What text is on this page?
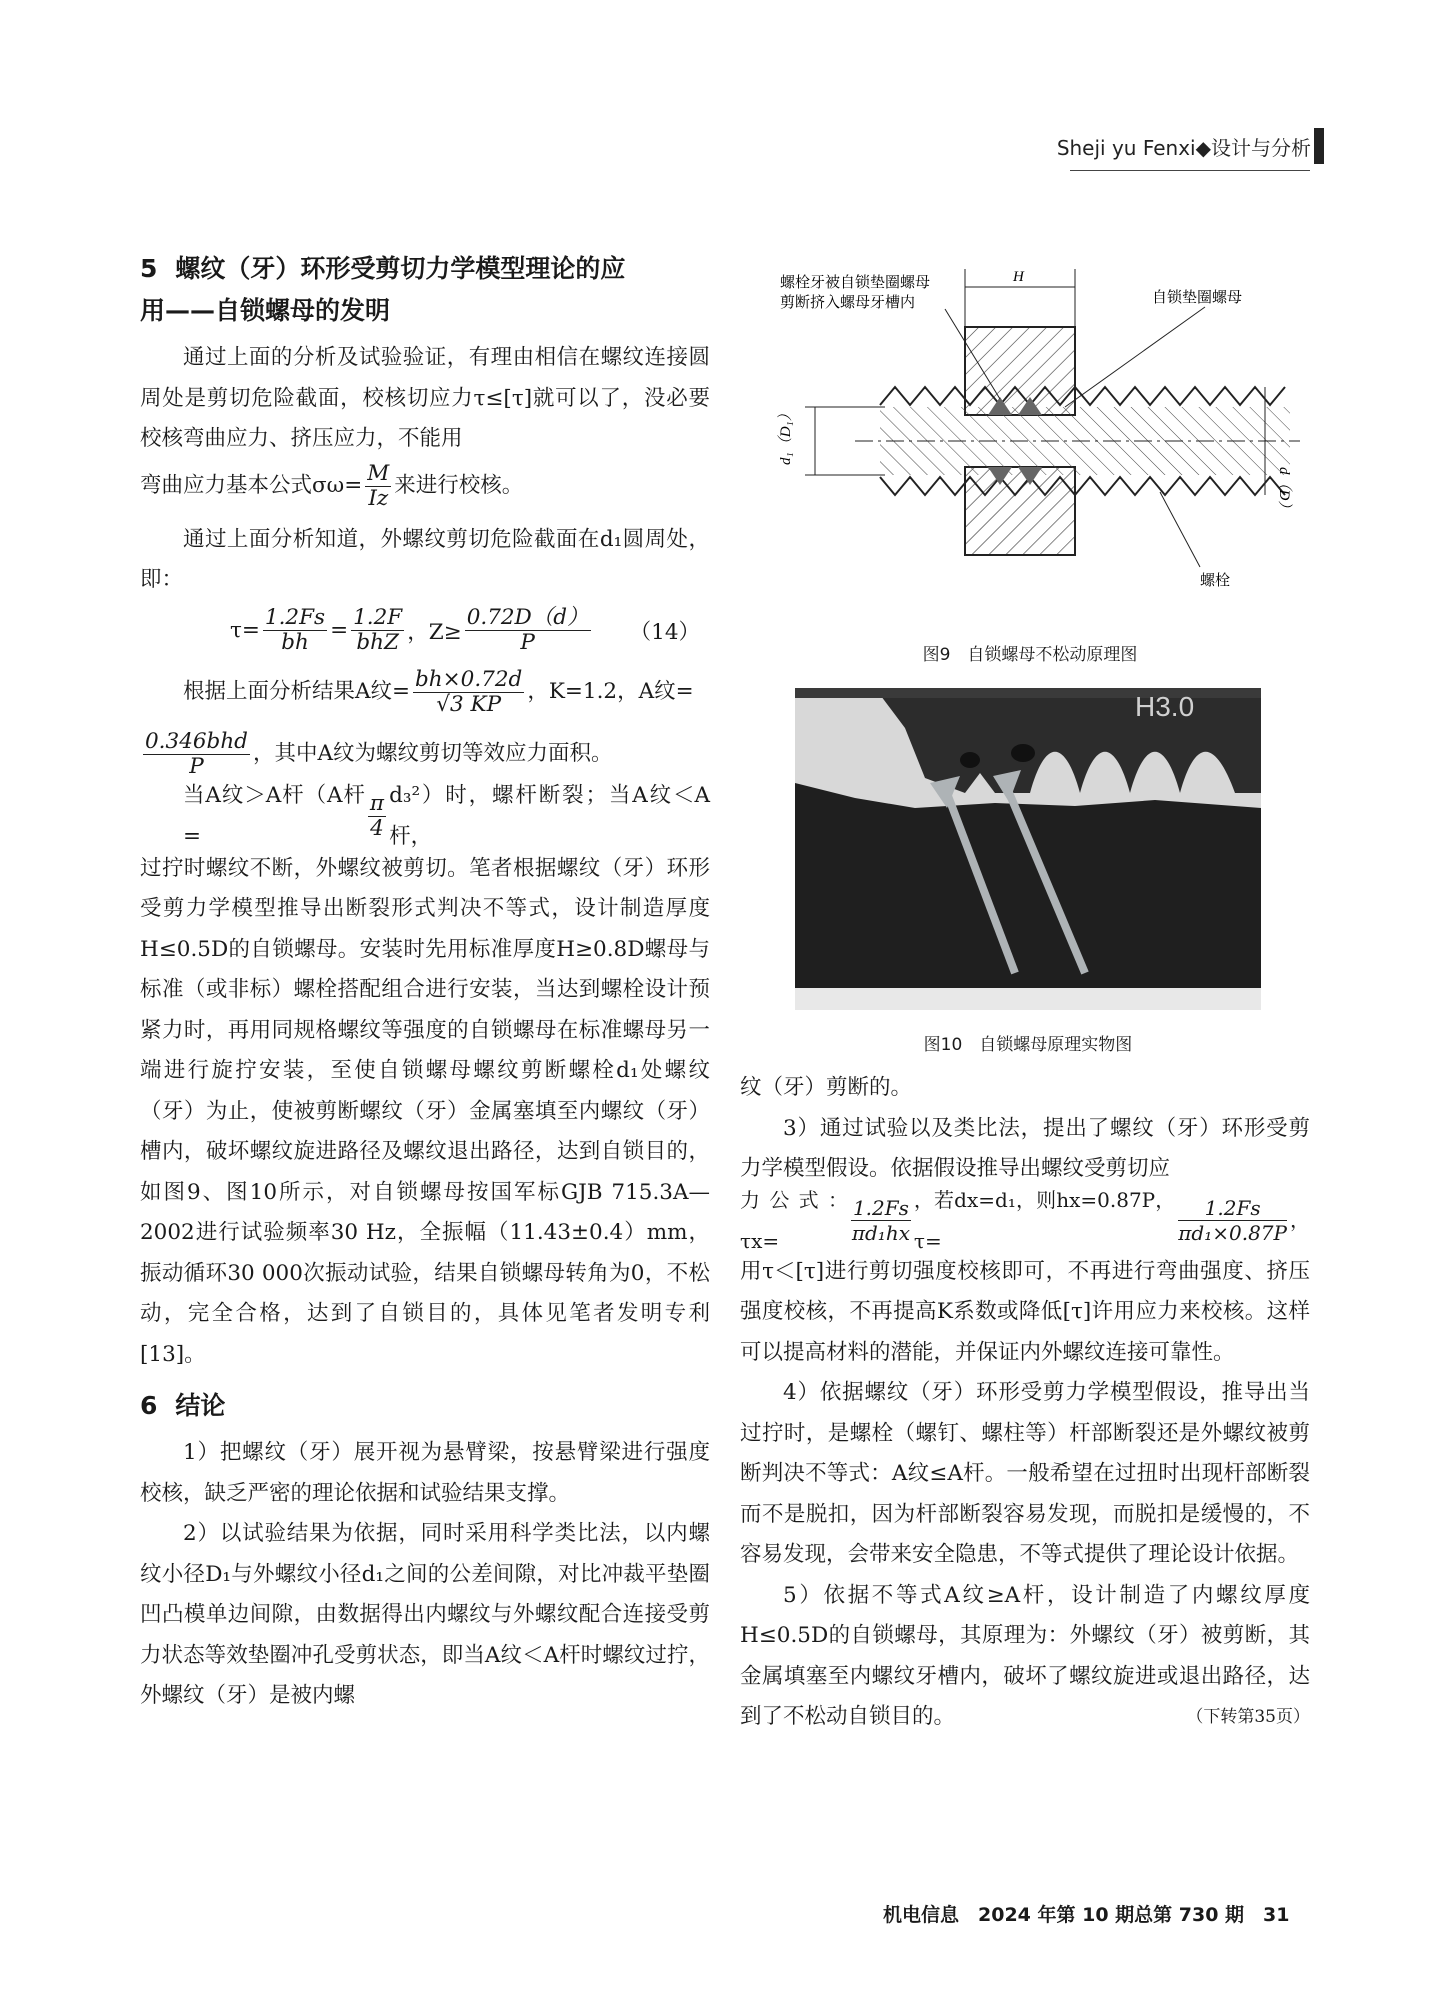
Sheji yu Fenxi◆设计与分析
5 螺纹（牙）环形受剪切力学模型理论的应
用——自锁螺母的发明

通过上面的分析及试验验证，有理由相信在螺纹连接圆周处是剪切危险截面，校核切应力τ≤[τ]就可以了，没必要校核弯曲应力、挤压应力，不能用

弯曲应力基本公式$\sigma\omega= \frac{M}{Iz}$ 来进行校核。

通过上面分析知道，外螺纹剪切危险截面在d₁圆周处，即：

$\tau= \frac{1.2Fs}{bh} = \frac{1.2F}{\text{bhZ}}$ ，$Z\ge \frac{0.72D(d)}{P} (14)$
根据上面分析结果A纹= $\frac{bh\times 0.72d}{√3 KP}$ ，K=1.2，A纹=
$\frac{\text{0.346bhd}}{P}$ ，其中A纹为螺纹剪切等效应力面积。
当A纹＞A杆（A杆=	$\frac{\pi}{4} d_3^2$）时，螺杆断裂；当A纹＜A杆，

过拧时螺纹不断，外螺纹被剪切。笔者根据螺纹（牙）环形受剪力学模型推导出断裂形式判决不等式，设计制造厚度H≤0.5D的自锁螺母。安装时先用标准厚度H≥0.8D螺母与标准（或非标）螺栓搭配组合进行安装，当达到螺栓设计预紧力时，再用同规格螺纹等强度的自锁螺母在标准螺母另一端进行旋拧安装，至使自锁螺母螺纹剪断螺栓d₁处螺纹（牙）为止，使被剪断螺纹（牙）金属塞填至内螺纹（牙）槽内，破坏螺纹旋进路径及螺纹退出路径，达到自锁目的，如图9、图10所示，对自锁螺母按国军标GJB 715.3A—2002进行试验频率30 Hz，全振幅（11.43±0.4）mm，振动循环30 000次振动试验，结果自锁螺母转角为0，不松动，完全合格，达到了自锁目的，具体见笔者发明专利[13]。

6 结论

1）把螺纹（牙）展开视为悬臂梁，按悬臂梁进行强度校核，缺乏严密的理论依据和试验结果支撑。

2）以试验结果为依据，同时采用科学类比法，以内螺纹小径D₁与外螺纹小径d₁之间的公差间隙，对比冲裁平垫圈凹凸模单边间隙，由数据得出内螺纹与外螺纹配合连接受剪力状态等效垫圈冲孔受剪状态，即当A纹＜A杆时螺纹过拧，外螺纹（牙）是被内螺

螺栓牙被自锁垫圈螺母
剪断挤入螺母牙槽内
H
自锁垫圈螺母
d₁（D₁）
d（D）
螺栓
图9　自锁螺母不松动原理图
H3.0
图10　自锁螺母原理实物图

纹（牙）剪断的。

3）通过试验以及类比法，提出了螺纹（牙）环形受剪力学模型假设。依据假设推导出螺纹受剪切应

力公式：τx=	$\frac{1.2Fs}{\text{πd₁hx}}$ ，若dx=d₁，则hx=0.87P，τ=	$\frac{1.2Fs}{\text{πd₁×0.87P}}$ ，

用τ＜[τ]进行剪切强度校核即可，不再进行弯曲强度、挤压强度校核，不再提高K系数或降低[τ]许用应力来校核。这样可以提高材料的潜能，并保证内外螺纹连接可靠性。

4）依据螺纹（牙）环形受剪力学模型假设，推导出当过拧时，是螺栓（螺钉、螺柱等）杆部断裂还是外螺纹被剪断判决不等式：A纹≤A杆。一般希望在过扭时出现杆部断裂而不是脱扣，因为杆部断裂容易发现，而脱扣是缓慢的，不容易发现，会带来安全隐患，不等式提供了理论设计依据。

5）依据不等式A纹≥A杆，设计制造了内螺纹厚度H≤0.5D的自锁螺母，其原理为：外螺纹（牙）被剪断，其金属填塞至内螺纹牙槽内，破坏了螺纹旋进或退出路径，达到了不松动自锁目的。	（下转第35页）

机电信息　2024 年第 10 期总第 730 期　31
